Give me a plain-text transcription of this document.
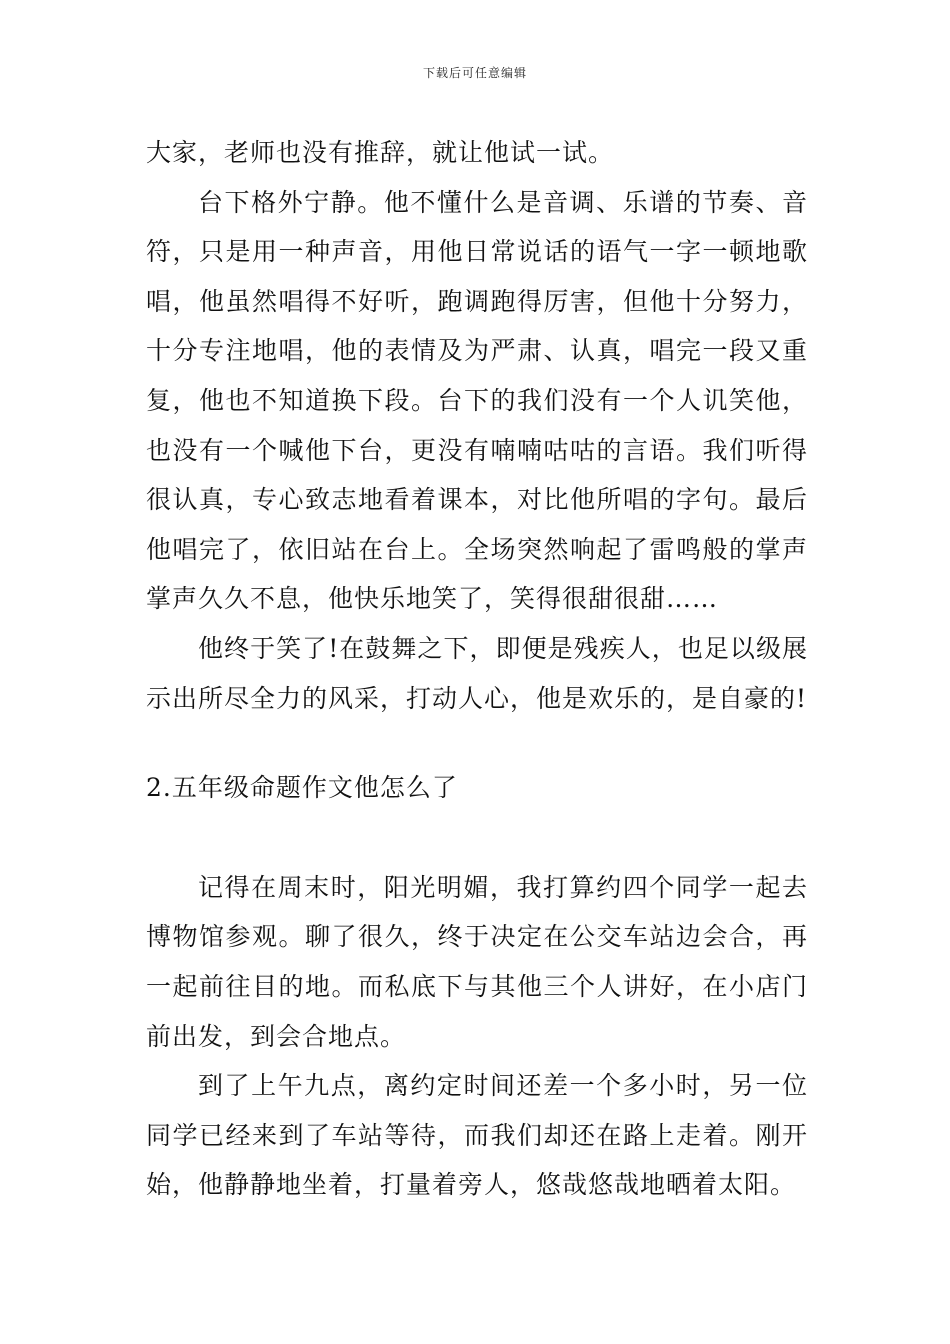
下载后可任意编辑

大家，老师也没有推辞，就让他试一试。

台下格外宁静。他不懂什么是音调、乐谱的节奏、音符，只是用一种声音，用他日常说话的语气一字一顿地歌唱，他虽然唱得不好听，跑调跑得厉害，但他十分努力，十分专注地唱，他的表情及为严肃、认真，唱完一段又重复，他也不知道换下段。台下的我们没有一个人讥笑他，也没有一个喊他下台，更没有喃喃咕咕的言语。我们听得很认真，专心致志地看着课本，对比他所唱的字句。最后他唱完了，依旧站在台上。全场突然响起了雷鸣般的掌声掌声久久不息，他快乐地笑了，笑得很甜很甜……

他终于笑了!在鼓舞之下，即便是残疾人，也足以级展示出所尽全力的风采，打动人心，他是欢乐的，是自豪的!

2.五年级命题作文他怎么了

记得在周末时，阳光明媚，我打算约四个同学一起去博物馆参观。聊了很久，终于决定在公交车站边会合，再一起前往目的地。而私底下与其他三个人讲好，在小店门前出发，到会合地点。

到了上午九点，离约定时间还差一个多小时，另一位同学已经来到了车站等待，而我们却还在路上走着。刚开始，他静静地坐着，打量着旁人，悠哉悠哉地晒着太阳。
